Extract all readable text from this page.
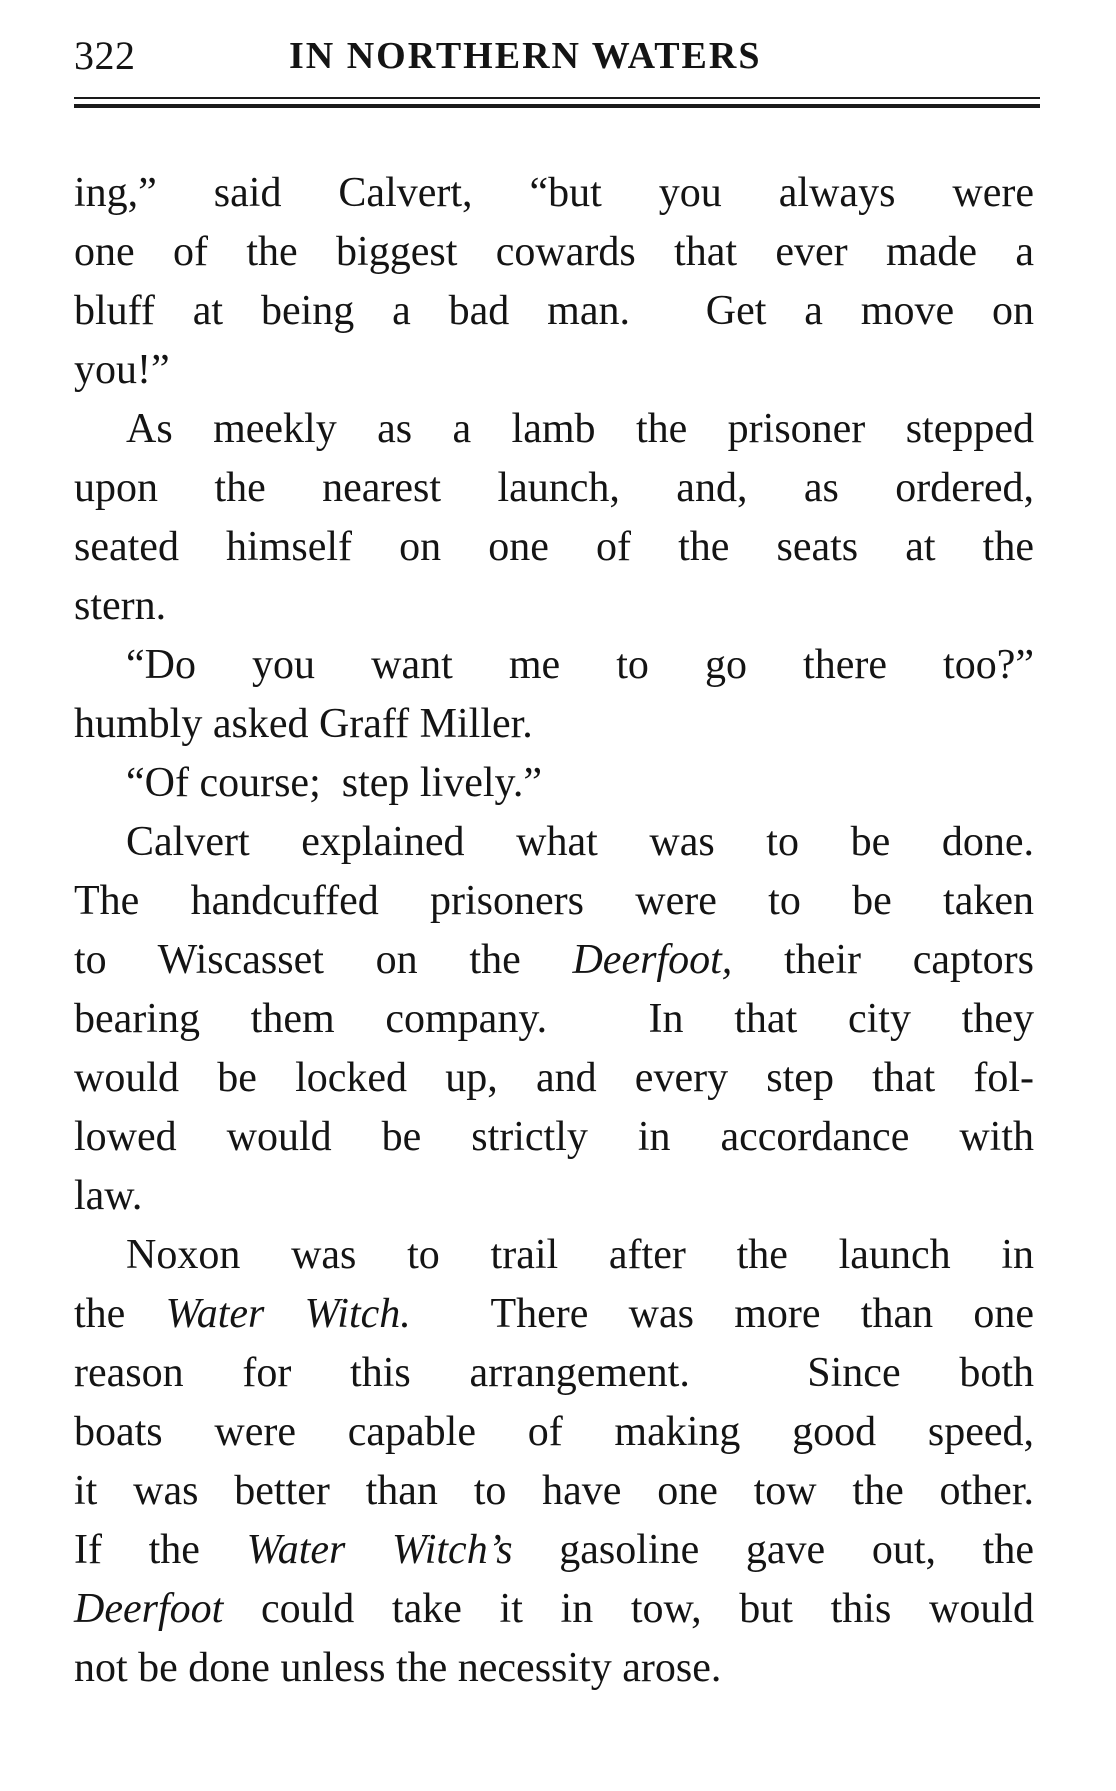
322	IN NORTHERN WATERS
ing,” said Calvert, “but you always were
one of the biggest cowards that ever made a
bluff at being a bad man.  Get a move on
you!”
As meekly as a lamb the prisoner stepped
upon the nearest launch, and, as ordered,
seated himself on one of the seats at the
stern.
“Do you want me to go there too?”
humbly asked Graff Miller.
“Of course;  step lively.”
Calvert explained what was to be done.
The handcuffed prisoners were to be taken
to Wiscasset on the Deerfoot, their captors
bearing them company.  In that city they
would be locked up, and every step that fol-
lowed would be strictly in accordance with
law.
Noxon was to trail after the launch in
the Water Witch.  There was more than one
reason for this arrangement.  Since both
boats were capable of making good speed,
it was better than to have one tow the other.
If the Water Witch’s gasoline gave out, the
Deerfoot could take it in tow, but this would
not be done unless the necessity arose.
